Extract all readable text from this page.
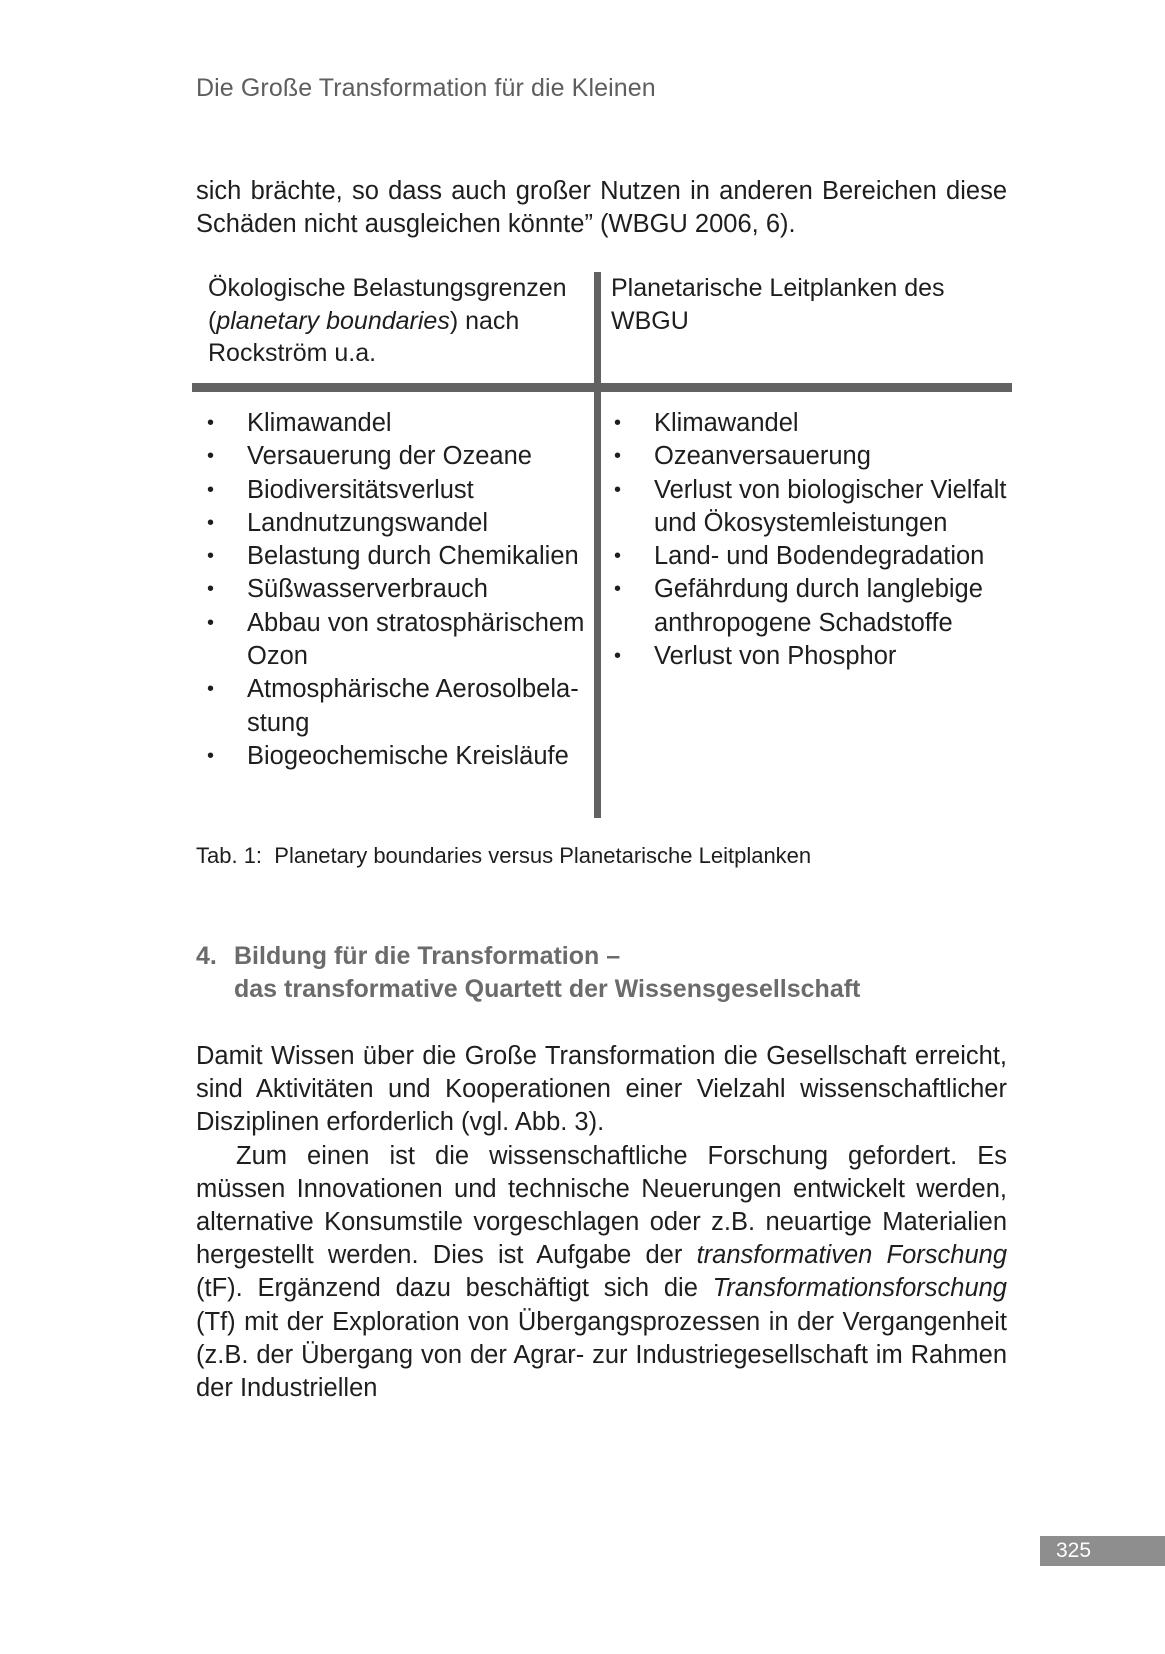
Die Große Transformation für die Kleinen

sich brächte, so dass auch großer Nutzen in anderen Bereichen diese Schäden nicht ausgleichen könnte” (WBGU 2006, 6).

Ökologische Belastungsgrenzen (planetary boundaries) nach Rockström u.a.
Planetarische Leitplanken des WBGU
• Klimawandel
• Versauerung der Ozeane
• Biodiversitätsverlust
• Landnutzungswandel
• Belastung durch Chemikalien
• Süßwasserverbrauch
• Abbau von stratosphärischem Ozon
• Atmosphärische Aerosolbelastung
• Biogeochemische Kreisläufe
• Klimawandel
• Ozeanversauerung
• Verlust von biologischer Vielfalt und Ökosystemleistungen
• Land- und Bodendegradation
• Gefährdung durch langlebige anthropogene Schadstoffe
• Verlust von Phosphor
Tab. 1:  Planetary boundaries versus Planetarische Leitplanken
4. Bildung für die Transformation –
das transformative Quartett der Wissensgesellschaft

Damit Wissen über die Große Transformation die Gesellschaft erreicht, sind Aktivitäten und Kooperationen einer Vielzahl wissenschaftlicher Disziplinen erforderlich (vgl. Abb. 3).

Zum einen ist die wissenschaftliche Forschung gefordert. Es müssen Innovationen und technische Neuerungen entwickelt werden, alternative Konsumstile vorgeschlagen oder z.B. neuartige Materialien hergestellt werden. Dies ist Aufgabe der transformativen Forschung (tF). Ergänzend dazu beschäftigt sich die Transformationsforschung (Tf) mit der Exploration von Übergangsprozessen in der Vergangenheit (z.B. der Übergang von der Agrar- zur Industriegesellschaft im Rahmen der Industriellen

325
